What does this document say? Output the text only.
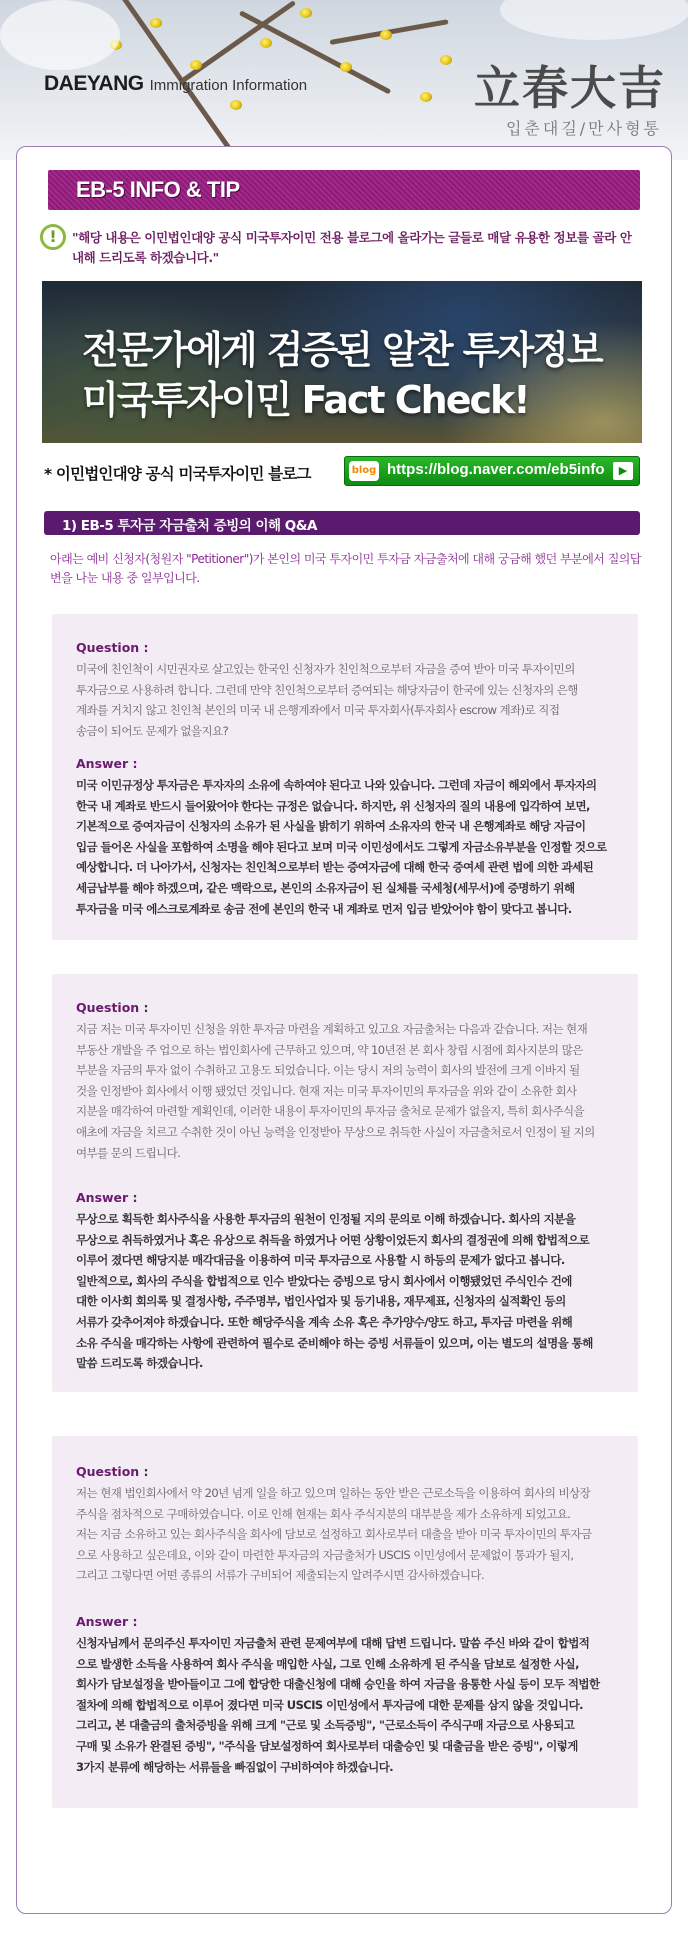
DAEYANG Immigration Information	立春大吉
입춘대길/만사형통
EB-5 INFO & TIP
!	"해당 내용은 이민법인대양 공식 미국투자이민 전용 블로그에 올라가는 글들로 매달 유용한 정보를 골라 안내해 드리도록 하겠습니다."
전문가에게 검증된 알찬 투자정보
미국투자이민 Fact Check!
* 이민법인대양 공식 미국투자이민 블로그	blog https://blog.naver.com/eb5info	▶
1) EB-5 투자금 자금출처 증빙의 이해 Q&A
아래는 예비 신청자(청원자 "Petitioner")가 본인의 미국 투자이민 투자금 자금출처에 대해 궁금해 했던 부분에서 질의답변을 나눈 내용 중 일부입니다.
Question :
미국에 친인척이 시민권자로 살고있는 한국인 신청자가 친인척으로부터 자금을 증여 받아 미국 투자이민의
투자금으로 사용하려 합니다. 그런데 만약 친인척으로부터 증여되는 해당자금이 한국에 있는 신청자의 은행
계좌를 거치지 않고 친인척 본인의 미국 내 은행계좌에서 미국 투자회사(투자회사 escrow 계좌)로 직접
송금이 되어도 문제가 없을지요?
Answer :
미국 이민규정상 투자금은 투자자의 소유에 속하여야 된다고 나와 있습니다. 그런데 자금이 해외에서 투자자의
한국 내 계좌로 반드시 들어왔어야 한다는 규정은 없습니다. 하지만, 위 신청자의 질의 내용에 입각하여 보면,
기본적으로 증여자금이 신청자의 소유가 된 사실을 밝히기 위하여 소유자의 한국 내 은행계좌로 해당 자금이
입금 들어온 사실을 포함하여 소명을 해야 된다고 보며 미국 이민성에서도 그렇게 자금소유부분을 인정할 것으로
예상합니다. 더 나아가서, 신청자는 친인척으로부터 받는 증여자금에 대해 한국 증여세 관련 법에 의한 과세된
세금납부를 해야 하겠으며, 같은 맥락으로, 본인의 소유자금이 된 실체를 국세청(세무서)에 증명하기 위해
투자금을 미국 에스크로계좌로 송금 전에 본인의 한국 내 계좌로 먼저 입금 받았어야 함이 맞다고 봅니다.
Question :
지금 저는 미국 투자이민 신청을 위한 투자금 마련을 계획하고 있고요 자금출처는 다음과 같습니다. 저는 현재
부동산 개발을 주 업으로 하는 법인회사에 근무하고 있으며, 약 10년전 본 회사 창립 시점에 회사지분의 많은
부분을 자금의 투자 없이 수취하고 고용도 되었습니다. 이는 당시 저의 능력이 회사의 발전에 크게 이바지 될
것을 인정받아 회사에서 이행 됐었던 것입니다. 현재 저는 미국 투자이민의 투자금을 위와 같이 소유한 회사
지분을 매각하여 마련할 계획인데, 이러한 내용이 투자이민의 투자금 출처로 문제가 없을지, 특히 회사주식을
애초에 자금을 치르고 수취한 것이 아닌 능력을 인정받아 무상으로 취득한 사실이 자금출처로서 인정이 될 지의
여부를 문의 드립니다.
Answer :
무상으로 획득한 회사주식을 사용한 투자금의 원천이 인정될 지의 문의로 이해 하겠습니다. 회사의 지분을
무상으로 취득하였거나 혹은 유상으로 취득을 하였거나 어떤 상황이었든지 회사의 결정권에 의해 합법적으로
이루어 졌다면 해당지분 매각대금을 이용하여 미국 투자금으로 사용할 시 하등의 문제가 없다고 봅니다.
일반적으로, 회사의 주식을 합법적으로 인수 받았다는 증빙으로 당시 회사에서 이행됐었던 주식인수 건에
대한 이사회 회의록 및 결정사항, 주주명부, 법인사업자 및 등기내용, 재무제표, 신청자의 실적확인 등의
서류가 갖추어져야 하겠습니다. 또한 해당주식을 계속 소유 혹은 추가양수/양도 하고, 투자금 마련을 위해
소유 주식을 매각하는 사항에 관련하여 필수로 준비해야 하는 증빙 서류들이 있으며, 이는 별도의 설명을 통해
말씀 드리도록 하겠습니다.
Question :
저는 현재 법인회사에서 약 20년 넘게 일을 하고 있으며 일하는 동안 받은 근로소득을 이용하여 회사의 비상장
주식을 점차적으로 구매하였습니다. 이로 인해 현재는 회사 주식지분의 대부분을 제가 소유하게 되었고요.
저는 지금 소유하고 있는 회사주식을 회사에 담보로 설정하고 회사로부터 대출을 받아 미국 투자이민의 투자금
으로 사용하고 싶은데요, 이와 같이 마련한 투자금의 자금출처가 USCIS 이민성에서 문제없이 통과가 될지,
그리고 그렇다면 어떤 종류의 서류가 구비되어 제출되는지 알려주시면 감사하겠습니다.
Answer :
신청자님께서 문의주신 투자이민 자금출처 관련 문제여부에 대해 답변 드립니다. 말씀 주신 바와 같이 합법적
으로 발생한 소득을 사용하여 회사 주식을 매입한 사실, 그로 인해 소유하게 된 주식을 담보로 설정한 사실,
회사가 담보설정을 받아들이고 그에 합당한 대출신청에 대해 승인을 하여 자금을 융통한 사실 등이 모두 적법한
절차에 의해 합법적으로 이루어 졌다면 미국 USCIS 이민성에서 투자금에 대한 문제를 삼지 않을 것입니다.
그리고, 본 대출금의 출처증빙을 위해 크게 "근로 및 소득증빙", "근로소득이 주식구매 자금으로 사용되고
구매 및 소유가 완결된 증빙", "주식을 담보설정하여 회사로부터 대출승인 및 대출금을 받은 증빙", 이렇게
3가지 분류에 해당하는 서류들을 빠짐없이 구비하여야 하겠습니다.
